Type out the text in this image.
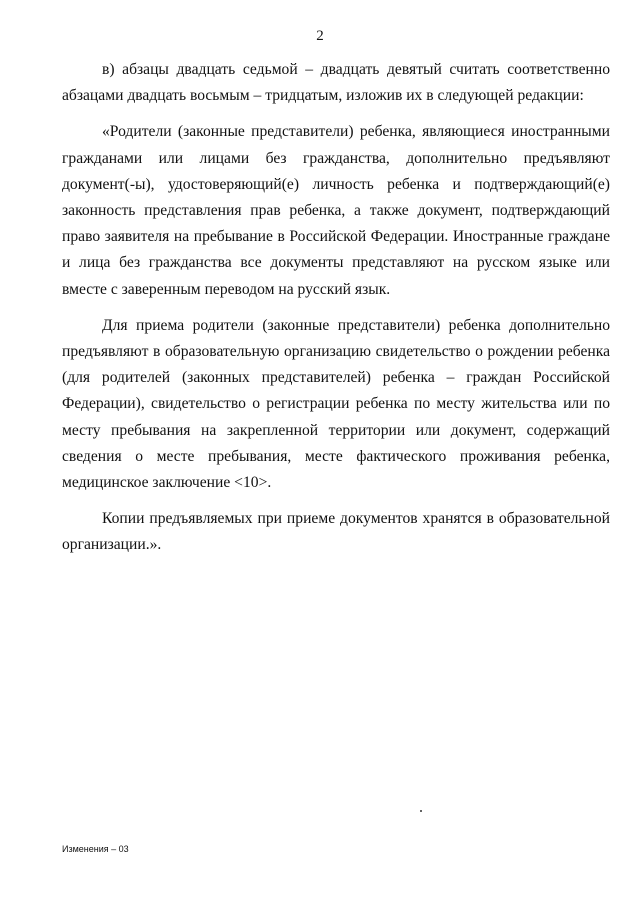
2

в) абзацы двадцать седьмой – двадцать девятый считать соответственно абзацами двадцать восьмым – тридцатым, изложив их в следующей редакции:

«Родители (законные представители) ребенка, являющиеся иностранными гражданами или лицами без гражданства, дополнительно предъявляют документ(-ы), удостоверяющий(е) личность ребенка и подтверждающий(е) законность представления прав ребенка, а также документ, подтверждающий право заявителя на пребывание в Российской Федерации. Иностранные граждане и лица без гражданства все документы представляют на русском языке или вместе с заверенным переводом на русский язык.

Для приема родители (законные представители) ребенка дополнительно предъявляют в образовательную организацию свидетельство о рождении ребенка (для родителей (законных представителей) ребенка – граждан Российской Федерации), свидетельство о регистрации ребенка по месту жительства или по месту пребывания на закрепленной территории или документ, содержащий сведения о месте пребывания, месте фактического проживания ребенка, медицинское заключение <10>.

Копии предъявляемых при приеме документов хранятся в образовательной организации.».

Изменения – 03
